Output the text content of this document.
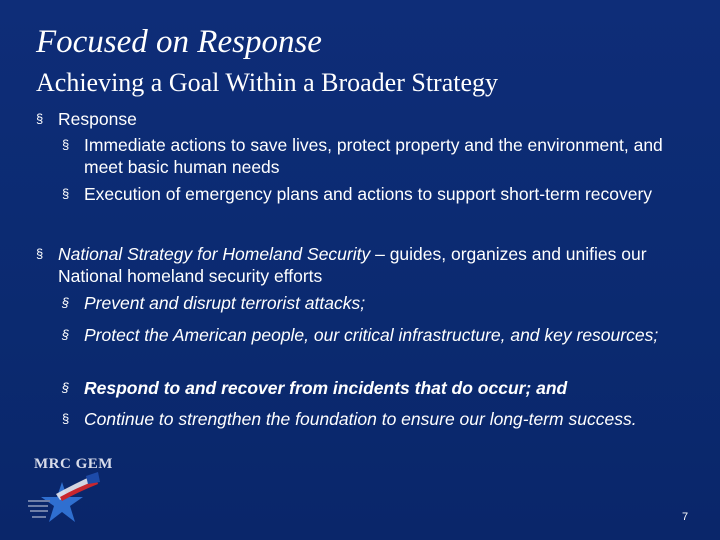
Focused on Response
Achieving a Goal Within a Broader Strategy
§ Response
§ Immediate actions to save lives, protect property and the environment, and meet basic human needs
§ Execution of emergency plans and actions to support short-term recovery
§ National Strategy for Homeland Security – guides, organizes and unifies our National homeland security efforts
§ Prevent and disrupt terrorist attacks;
§ Protect the American people, our critical infrastructure, and key resources;
§ Respond to and recover from incidents that do occur; and
§ Continue to strengthen the foundation to ensure our long-term success.
MRC GEM
7
